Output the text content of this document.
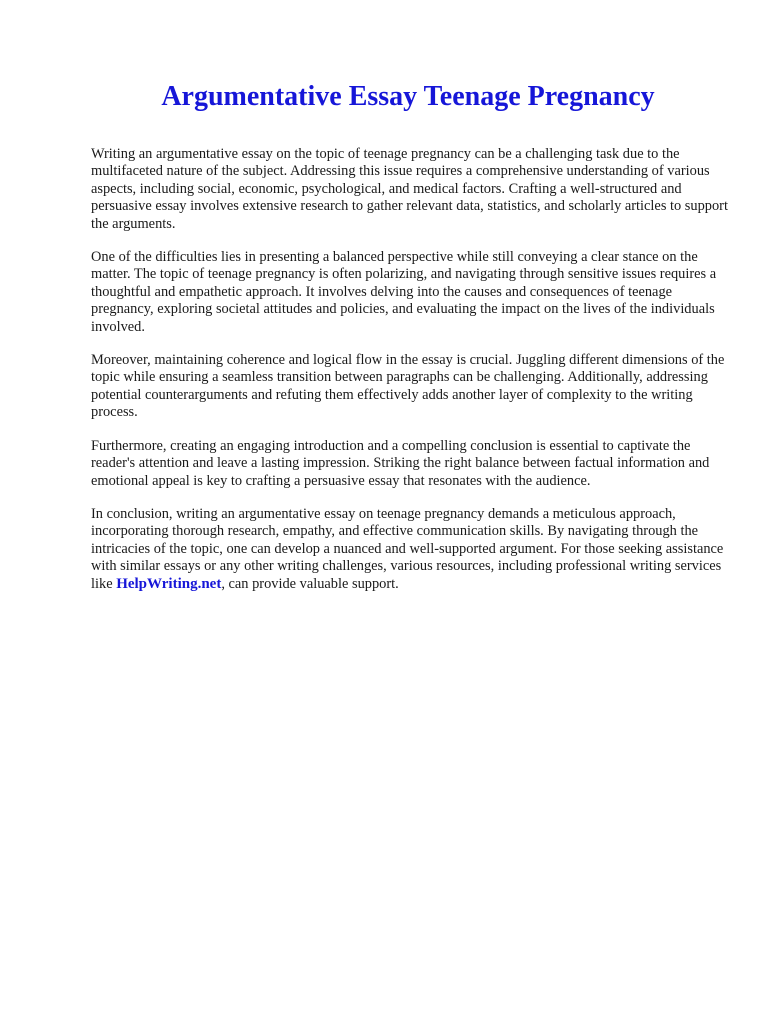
Argumentative Essay Teenage Pregnancy

Writing an argumentative essay on the topic of teenage pregnancy can be a challenging task due to the multifaceted nature of the subject. Addressing this issue requires a comprehensive understanding of various aspects, including social, economic, psychological, and medical factors. Crafting a well-structured and persuasive essay involves extensive research to gather relevant data, statistics, and scholarly articles to support the arguments.

One of the difficulties lies in presenting a balanced perspective while still conveying a clear stance on the matter. The topic of teenage pregnancy is often polarizing, and navigating through sensitive issues requires a thoughtful and empathetic approach. It involves delving into the causes and consequences of teenage pregnancy, exploring societal attitudes and policies, and evaluating the impact on the lives of the individuals involved.

Moreover, maintaining coherence and logical flow in the essay is crucial. Juggling different dimensions of the topic while ensuring a seamless transition between paragraphs can be challenging. Additionally, addressing potential counterarguments and refuting them effectively adds another layer of complexity to the writing process.

Furthermore, creating an engaging introduction and a compelling conclusion is essential to captivate the reader's attention and leave a lasting impression. Striking the right balance between factual information and emotional appeal is key to crafting a persuasive essay that resonates with the audience.

In conclusion, writing an argumentative essay on teenage pregnancy demands a meticulous approach, incorporating thorough research, empathy, and effective communication skills. By navigating through the intricacies of the topic, one can develop a nuanced and well-supported argument. For those seeking assistance with similar essays or any other writing challenges, various resources, including professional writing services like HelpWriting.net, can provide valuable support.
